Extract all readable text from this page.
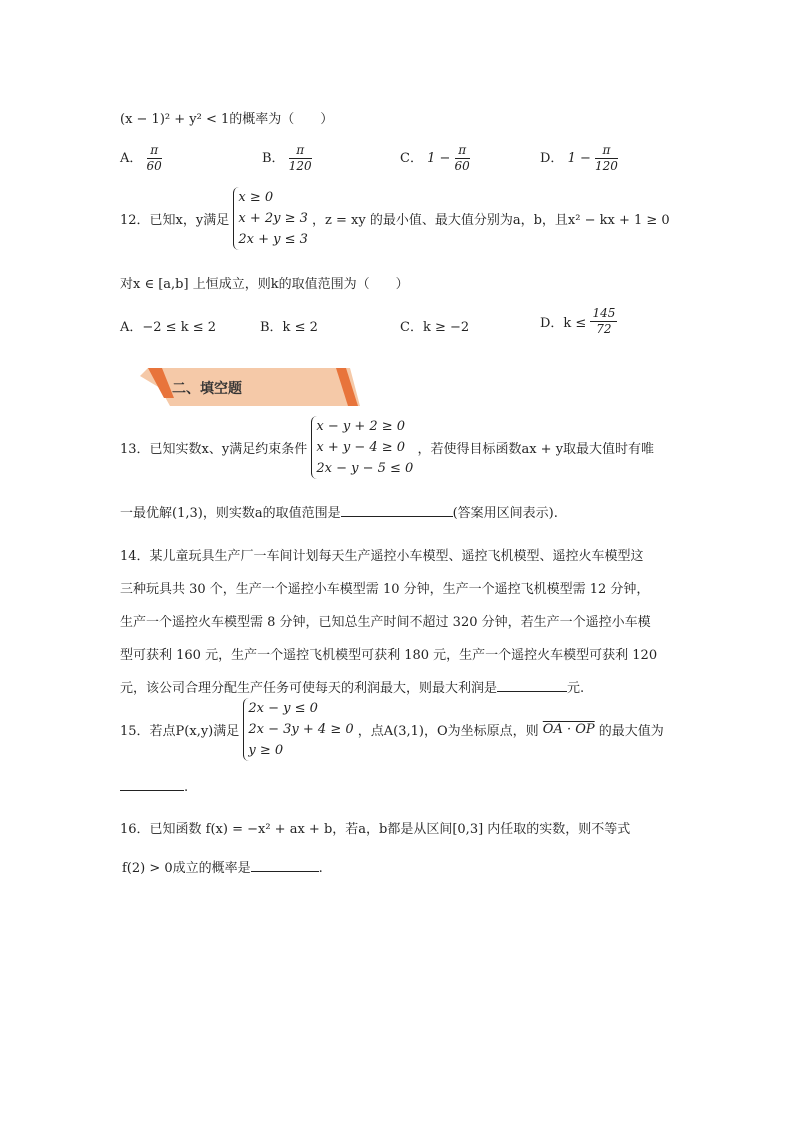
(x − 1)² + y² < 1的概率为（　　）
A． $\frac{\pi}{60}$	B． $\frac{\pi}{120}$	C． $1 - \frac{\pi}{60}$	D． $1 - \frac{\pi}{120}$
12．已知x，y满足
x ≥ 0
x + 2y ≥ 3
2x + y ≤ 3
，z = xy 的最小值、最大值分别为a，b，且x² − kx + 1 ≥ 0
对x ∈ [a,b] 上恒成立，则k的取值范围为（　　）
A．−2 ≤ k ≤ 2	B．k ≤ 2	C．k ≥ −2	D．$k \le \frac{145}{72}$
二、填空题
13．已知实数x、y满足约束条件
x − y + 2 ≥ 0
x + y − 4 ≥ 0
2x − y − 5 ≤ 0
，若使得目标函数ax + y取最大值时有唯
一最优解(1,3)，则实数a的取值范围是	(答案用区间表示).
14．某儿童玩具生产厂一车间计划每天生产遥控小车模型、遥控飞机模型、遥控火车模型这
三种玩具共 30 个，生产一个遥控小车模型需 10 分钟，生产一个遥控飞机模型需 12 分钟，
生产一个遥控火车模型需 8 分钟，已知总生产时间不超过 320 分钟，若生产一个遥控小车模
型可获利 160 元，生产一个遥控飞机模型可获利 180 元，生产一个遥控火车模型可获利 120
元，该公司合理分配生产任务可使每天的利润最大，则最大利润是	元.
15．若点P(x,y)满足
2x − y ≤ 0
2x − 3y + 4 ≥ 0
y ≥ 0
，点A(3,1)，O为坐标原点，则 OA · OP 的最大值为
.
16．已知函数 f(x) = −x² + ax + b，若a，b都是从区间[0,3] 内任取的实数，则不等式
f(2) > 0成立的概率是	.
